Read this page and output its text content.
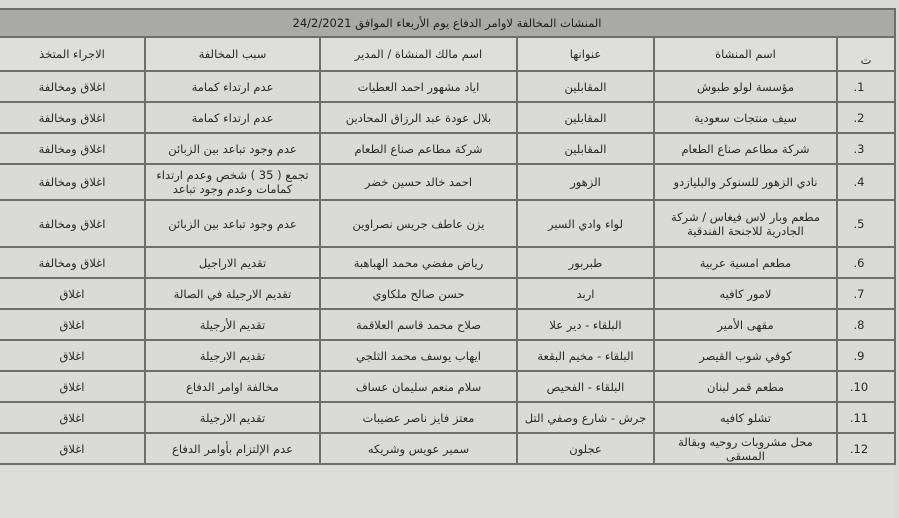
المنشات المخالفة لاوامر الدفاع يوم الأربعاء الموافق 24/2/2021					
ت	اسم المنشاة	عنوانها	اسم مالك المنشاة / المدير	سبب المخالفة	الاجراء المتخذ
.1	مؤسسة لولو طبوش	المقابلين	اياد مشهور احمد العطيات	عدم ارتداء كمامة	اغلاق ومخالفة
.2	سيف منتجات سعودية	المقابلين	بلال عودة عبد الرزاق المحادين	عدم ارتداء كمامة	اغلاق ومخالفة
.3	شركة مطاعم صناع الطعام	المقابلين	شركة مطاعم صناع الطعام	عدم وجود تباعد بين الزبائن	اغلاق ومخالفة
.4	نادي الزهور للسنوكر والبليازدو	الزهور	احمد خالد حسين خضر	تجمع ( 35 ) شخص وعدم ارتداء كمامات وعدم وجود تباعد	اغلاق ومخالفة
.5	مطعم وبار لاس فيغاس / شركة الجادرية للاجنحة الفندقية	لواء وادي السير	يزن عاطف جريس نصراوين	عدم وجود تباعد بين الزبائن	اغلاق ومخالفة
.6	مطعم امسية عربية	طبربور	رياض مفضي محمد الهباهبة	تقديم الاراجيل	اغلاق ومخالفة
.7	لامور كافيه	اربد	حسن صالح ملكاوي	تقديم الارجيلة في الصالة	اغلاق
.8	مقهى الأمير	البلقاء - دير علا	صلاح محمد قاسم العلاقمة	تقديم الأرجيلة	اغلاق
.9	كوفي شوب القيصر	البلقاء - مخيم البقعة	ايهاب يوسف محمد الثلجي	تقديم الارجيلة	اغلاق
.10	مطعم قمر لبنان	البلقاء - الفحيص	سلام منعم سليمان عساف	مخالفة اوامر الدفاع	اغلاق
.11	تشلو كافيه	جرش - شارع وصفي التل	معتز فايز ناصر عضيبات	تقديم الارجيلة	اغلاق
.12	محل مشروبات روحيه وبقالة المسقى	عجلون	سمير عويس وشريكه	عدم الإلتزام بأوامر الدفاع	اغلاق
